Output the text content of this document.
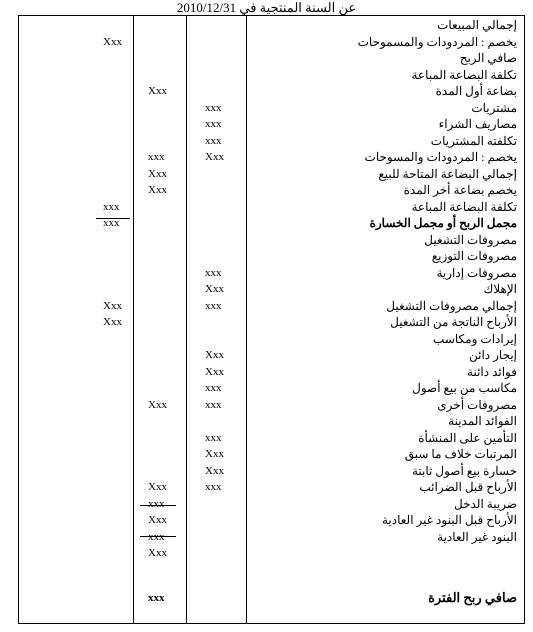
عن السنة المنتجية في 2010/12/31
إجمالي المبيعات
يخصم : المردودات والمسموحات
Xxx
صافي الربح
تكلفة البضاعة المباعة
بضاعة أول المدة
Xxx
مشتريات
xxx
مصاريف الشراء
xxx
تكلفته المشتريات
xxx
يخصم : المردودات والمسوحات
Xxx
xxx
إجمالي البضاعة المتاحة للبيع
Xxx
يخصم بضاعة أخر المدة
Xxx
تكلفة البضاعة المباعة
xxx
مجمل الربح أو مجمل الخسارة
xxx
مصروفات التشغيل
مصروفات التوزيع
مصروفات إدارية
xxx
الإهلاك
Xxx
إجمالي مصروفات التشغيل
xxx
Xxx
الأرباح الناتجة من التشغيل
Xxx
إيرادات ومكاسب
إيجار دائن
Xxx
فوائد دائنة
Xxx
مكاسب من بيع أصول
xxx
مصروفات أخرى
xxx
Xxx
الفوائد المدينة
التأمين على المنشأة
xxx
المرتبات خلاف ما سبق
Xxx
خسارة بيع أصول ثابتة
Xxx
الأرباح قبل الضرائب
xxx
Xxx
ضريبة الدخل
xxx
الأرباح قبل البنود غير العادية
Xxx
البنود غير العادية
xxx
Xxx
صافي ربح الفترة
xxx
